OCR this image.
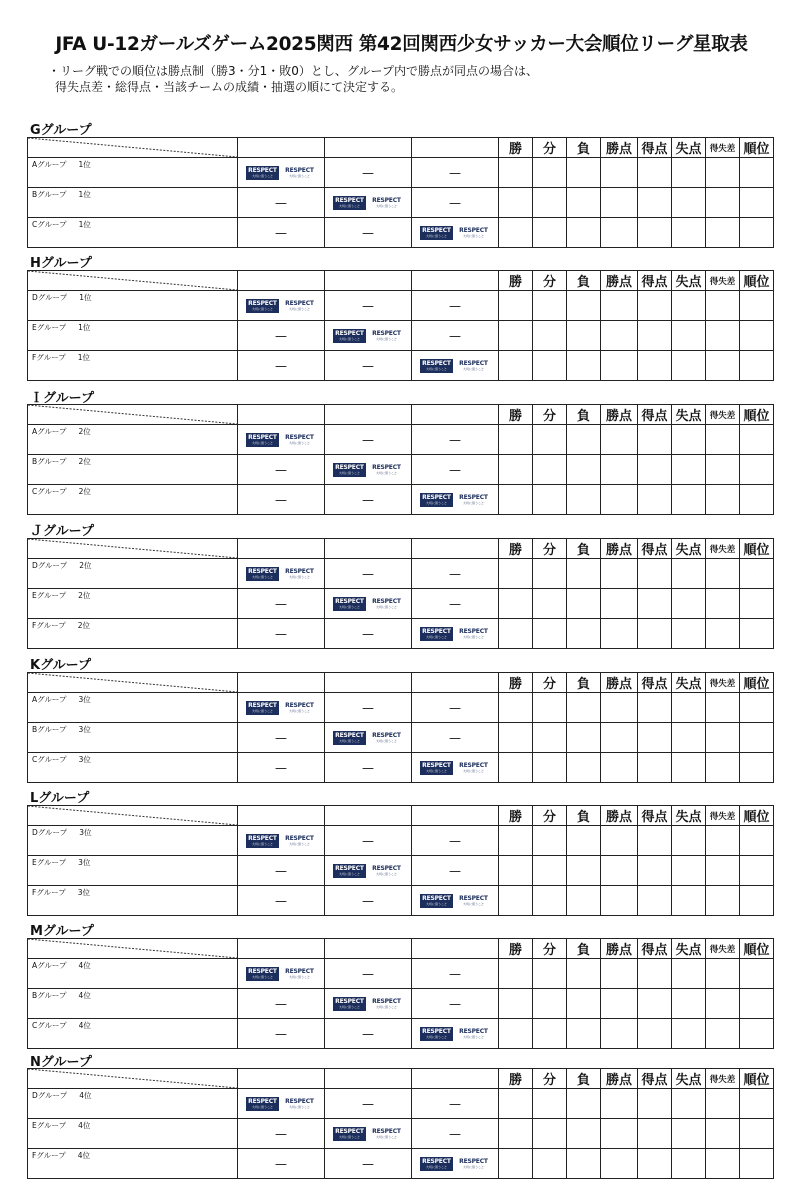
JFA U-12ガールズゲーム2025関西 第42回関西少女サッカー大会順位リーグ星取表
・リーグ戦での順位は勝点制（勝3・分1・敗0）とし、グループ内で勝点が同点の場合は、
得失点差・総得点・当該チームの成績・抽選の順にて決定する。
Gグループ
				勝	分	負	勝点	得点	失点	得失差	順位

Aグループ 1位	RESPECT
大切に思うこと
RESPECT
大切に思うこと	—	—								

Bグループ 1位	—	RESPECT
大切に思うこと
RESPECT
大切に思うこと	—								

Cグループ 1位	—	—	RESPECT
大切に思うこと
RESPECT
大切に思うこと								

Hグループ
				勝	分	負	勝点	得点	失点	得失差	順位

Dグループ 1位	RESPECT
大切に思うこと
RESPECT
大切に思うこと	—	—								

Eグループ 1位	—	RESPECT
大切に思うこと
RESPECT
大切に思うこと	—								

Fグループ 1位	—	—	RESPECT
大切に思うこと
RESPECT
大切に思うこと								

Ｉグループ
				勝	分	負	勝点	得点	失点	得失差	順位

Aグループ 2位	RESPECT
大切に思うこと
RESPECT
大切に思うこと	—	—								

Bグループ 2位	—	RESPECT
大切に思うこと
RESPECT
大切に思うこと	—								

Cグループ 2位	—	—	RESPECT
大切に思うこと
RESPECT
大切に思うこと								

Ｊグループ
				勝	分	負	勝点	得点	失点	得失差	順位

Dグループ 2位	RESPECT
大切に思うこと
RESPECT
大切に思うこと	—	—								

Eグループ 2位	—	RESPECT
大切に思うこと
RESPECT
大切に思うこと	—								

Fグループ 2位	—	—	RESPECT
大切に思うこと
RESPECT
大切に思うこと								

Kグループ
				勝	分	負	勝点	得点	失点	得失差	順位

Aグループ 3位	RESPECT
大切に思うこと
RESPECT
大切に思うこと	—	—								

Bグループ 3位	—	RESPECT
大切に思うこと
RESPECT
大切に思うこと	—								

Cグループ 3位	—	—	RESPECT
大切に思うこと
RESPECT
大切に思うこと								

Lグループ
				勝	分	負	勝点	得点	失点	得失差	順位

Dグループ 3位	RESPECT
大切に思うこと
RESPECT
大切に思うこと	—	—								

Eグループ 3位	—	RESPECT
大切に思うこと
RESPECT
大切に思うこと	—								

Fグループ 3位	—	—	RESPECT
大切に思うこと
RESPECT
大切に思うこと								

Mグループ
				勝	分	負	勝点	得点	失点	得失差	順位

Aグループ 4位	RESPECT
大切に思うこと
RESPECT
大切に思うこと	—	—								

Bグループ 4位	—	RESPECT
大切に思うこと
RESPECT
大切に思うこと	—								

Cグループ 4位	—	—	RESPECT
大切に思うこと
RESPECT
大切に思うこと								

Nグループ
				勝	分	負	勝点	得点	失点	得失差	順位

Dグループ 4位	RESPECT
大切に思うこと
RESPECT
大切に思うこと	—	—								

Eグループ 4位	—	RESPECT
大切に思うこと
RESPECT
大切に思うこと	—								

Fグループ 4位	—	—	RESPECT
大切に思うこと
RESPECT
大切に思うこと								
